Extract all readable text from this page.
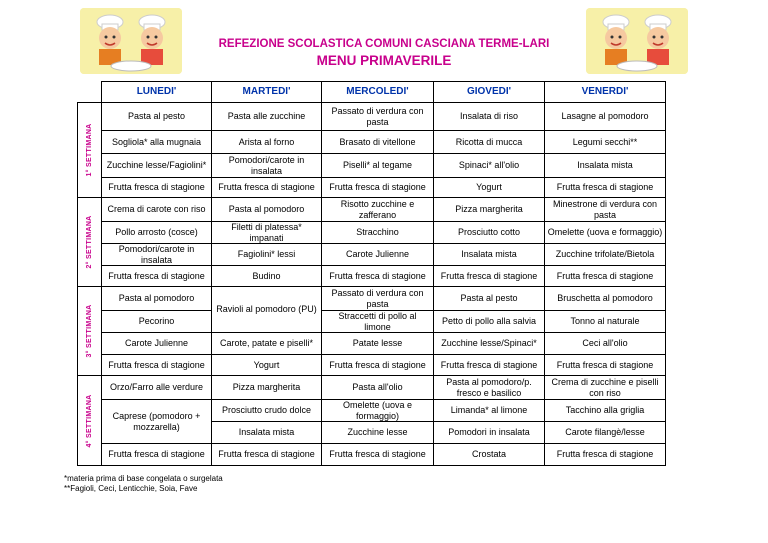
REFEZIONE SCOLASTICA COMUNI CASCIANA TERME-LARI
MENU PRIMAVERILE
	LUNEDI'	MARTEDI'	MERCOLEDI'	GIOVEDI'	VENERDI'

1° SETTIMANA	Pasta al pesto	Pasta alle zucchine	Passato di verdura con pasta	Insalata di riso	Lasagne al pomodoro
	Sogliola* alla mugnaia	Arista al forno	Brasato di vitellone	Ricotta di mucca	Legumi secchi**
	Zucchine lesse/Fagiolini*	Pomodori/carote in insalata	Piselli* al tegame	Spinaci* all'olio	Insalata mista
	Frutta fresca di stagione	Frutta fresca di stagione	Frutta fresca di stagione	Yogurt	Frutta fresca di stagione

2° SETTIMANA	Crema di carote con riso	Pasta al pomodoro	Risotto zucchine e zafferano	Pizza margherita	Minestrone di verdura con pasta
	Pollo arrosto (cosce)	Filetti di platessa* impanati	Stracchino	Prosciutto cotto	Omelette (uova e formaggio)
	Pomodori/carote in insalata	Fagiolini* lessi	Carote Julienne	Insalata mista	Zucchine trifolate/Bietola
	Frutta fresca di stagione	Budino	Frutta fresca di stagione	Frutta fresca di stagione	Frutta fresca di stagione

3° SETTIMANA	Pasta al pomodoro	Ravioli al pomodoro (PU)	Passato di verdura con pasta	Pasta al pesto	Bruschetta al pomodoro
	Pecorino		Straccetti di pollo al limone	Petto di pollo alla salvia	Tonno al naturale
	Carote Julienne	Carote, patate e piselli*	Patate lesse	Zucchine lesse/Spinaci*	Ceci all'olio
	Frutta fresca di stagione	Yogurt	Frutta fresca di stagione	Frutta fresca di stagione	Frutta fresca di stagione

4° SETTIMANA	Orzo/Farro alle verdure	Pizza margherita	Pasta all'olio	Pasta al pomodoro/p. fresco e basilico	Crema di zucchine e piselli con riso
	Caprese (pomodoro + mozzarella)	Prosciutto crudo dolce	Omelette (uova e formaggio)	Limanda* al limone	Tacchino alla griglia
		Insalata mista	Zucchine lesse	Pomodori in insalata	Carote filangè/lesse
	Frutta fresca di stagione	Frutta fresca di stagione	Frutta fresca di stagione	Crostata	Frutta fresca di stagione
*materia prima di base congelata o surgelata
**Fagioli, Ceci, Lenticchie, Soia, Fave
